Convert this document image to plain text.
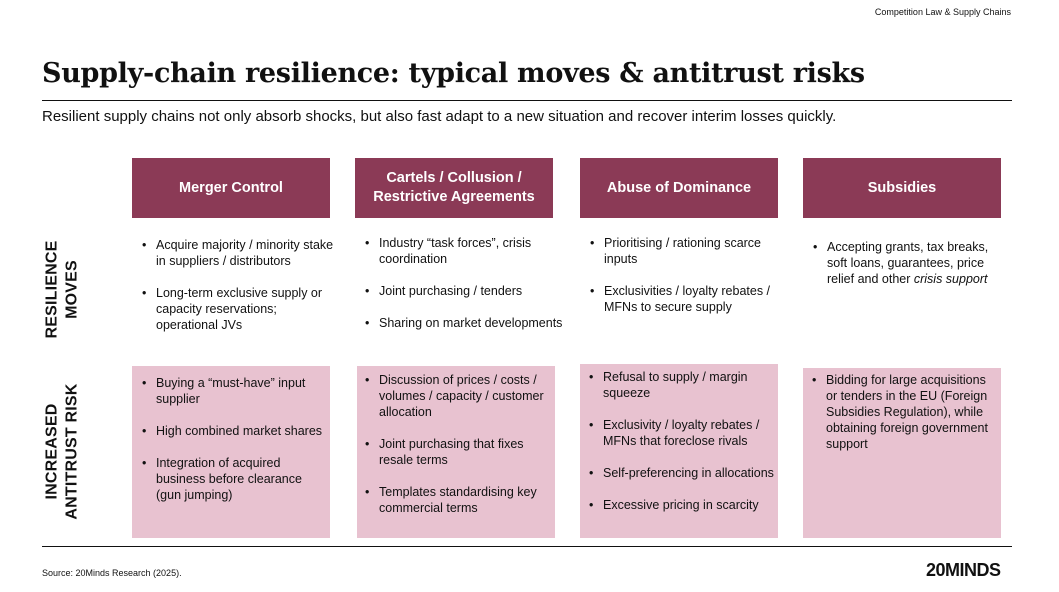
Competition Law & Supply Chains
Supply-chain resilience: typical moves & antitrust risks

Resilient supply chains not only absorb shocks, but also fast adapt to a new situation and recover interim losses quickly.

Merger Control
Cartels / Collusion / Restrictive Agreements
Abuse of Dominance	Subsidies
RESILIENCE MOVES
INCREASED ANTITRUST RISK
• Acquire majority / minority stake in suppliers / distributors
• Long-term exclusive supply or capacity reservations; operational JVs
• Industry “task forces”, crisis coordination
• Joint purchasing / tenders
• Sharing on market developments
• Prioritising / rationing scarce inputs
• Exclusivities / loyalty rebates / MFNs to secure supply
• Accepting grants, tax breaks, soft loans, guarantees, price relief and other crisis support
• Buying a “must-have” input supplier
• High combined market shares
• Integration of acquired business before clearance (gun jumping)
• Discussion of prices / costs / volumes / capacity / customer allocation
• Joint purchasing that fixes resale terms
• Templates standardising key commercial terms
• Refusal to supply / margin squeeze
• Exclusivity / loyalty rebates / MFNs that foreclose rivals
• Self-preferencing in allocations
• Excessive pricing in scarcity
• Bidding for large acquisitions or tenders in the EU (Foreign Subsidies Regulation), while obtaining foreign government support
Source: 20Minds Research (2025).	20MINDS
